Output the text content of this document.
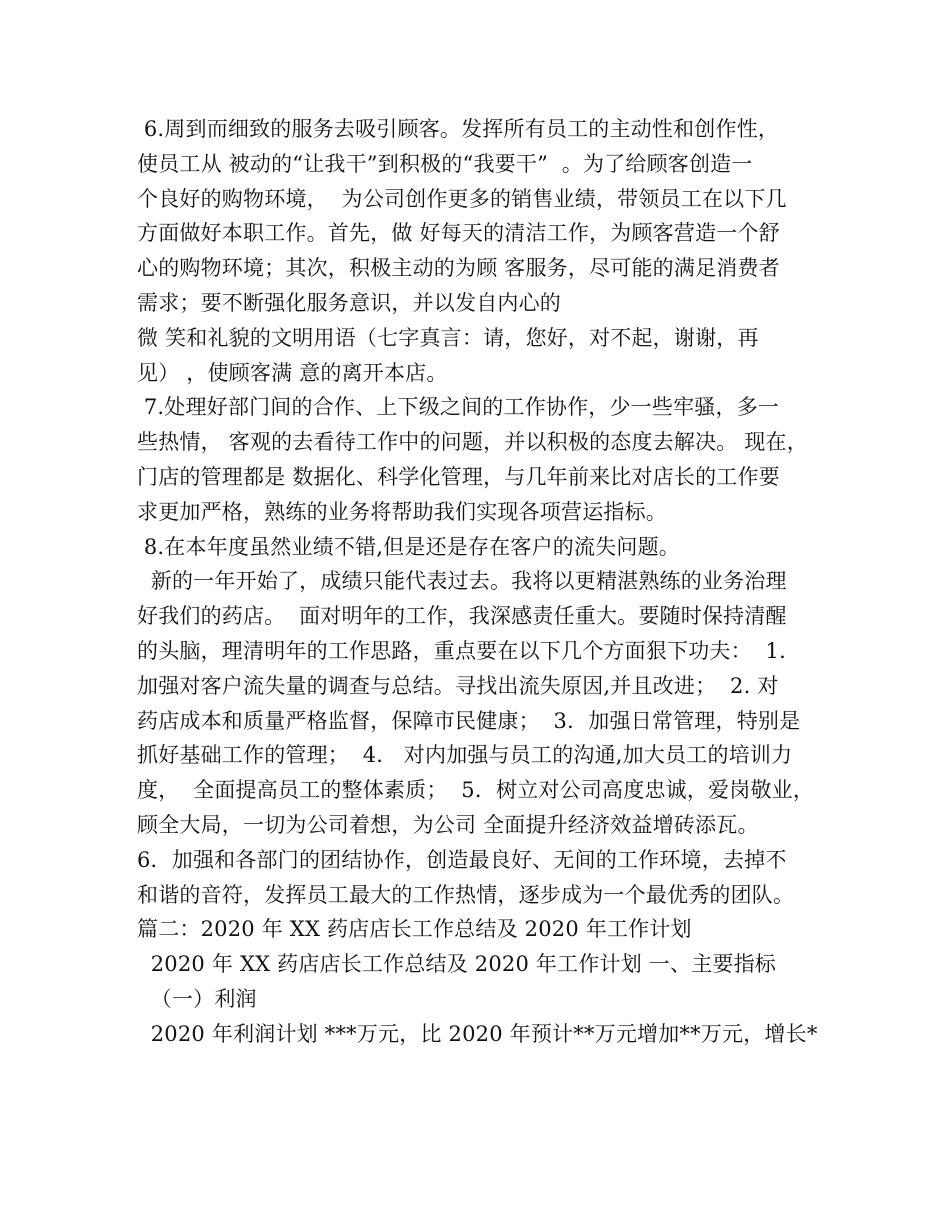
6.周到而细致的服务去吸引顾客。发挥所有员工的主动性和创作性，
使员工从 被动的“让我干”到积极的“我要干”  。为了给顾客创造一
个良好的购物环境，  为公司创作更多的销售业绩，带领员工在以下几
方面做好本职工作。首先，做 好每天的清洁工作，为顾客营造一个舒
心的购物环境；其次，积极主动的为顾 客服务，尽可能的满足消费者
需求；要不断强化服务意识，并以发自内心的
微 笑和礼貌的文明用语（七字真言：请，您好，对不起，谢谢，再
见） ，使顾客满 意的离开本店。
7.处理好部门间的合作、上下级之间的工作协作，少一些牢骚，多一
些热情， 客观的去看待工作中的问题，并以积极的态度去解决。 现在，
门店的管理都是 数据化、科学化管理，与几年前来比对店长的工作要
求更加严格，熟练的业务将帮助我们实现各项营运指标。
8.在本年度虽然业绩不错,但是还是存在客户的流失问题。
新的一年开始了，成绩只能代表过去。我将以更精湛熟练的业务治理
好我们的药店。  面对明年的工作，我深感责任重大。要随时保持清醒
的头脑，理清明年的工作思路，重点要在以下几个方面狠下功夫：  1.
加强对客户流失量的调查与总结。寻找出流失原因,并且改进；  2. 对
药店成本和质量严格监督，保障市民健康；  3．加强日常管理，特别是
抓好基础工作的管理；  4.   对内加强与员工的沟通,加大员工的培训力
度，  全面提高员工的整体素质；  5．树立对公司高度忠诚，爱岗敬业，
顾全大局，一切为公司着想，为公司 全面提升经济效益增砖添瓦。
6．加强和各部门的团结协作，创造最良好、无间的工作环境，去掉不
和谐的音符，发挥员工最大的工作热情，逐步成为一个最优秀的团队。
篇二：2020 年 XX 药店店长工作总结及 2020 年工作计划
2020 年 XX 药店店长工作总结及 2020 年工作计划 一、主要指标
（一）利润
2020 年利润计划 ***万元，比 2020 年预计**万元增加**万元，增长*
